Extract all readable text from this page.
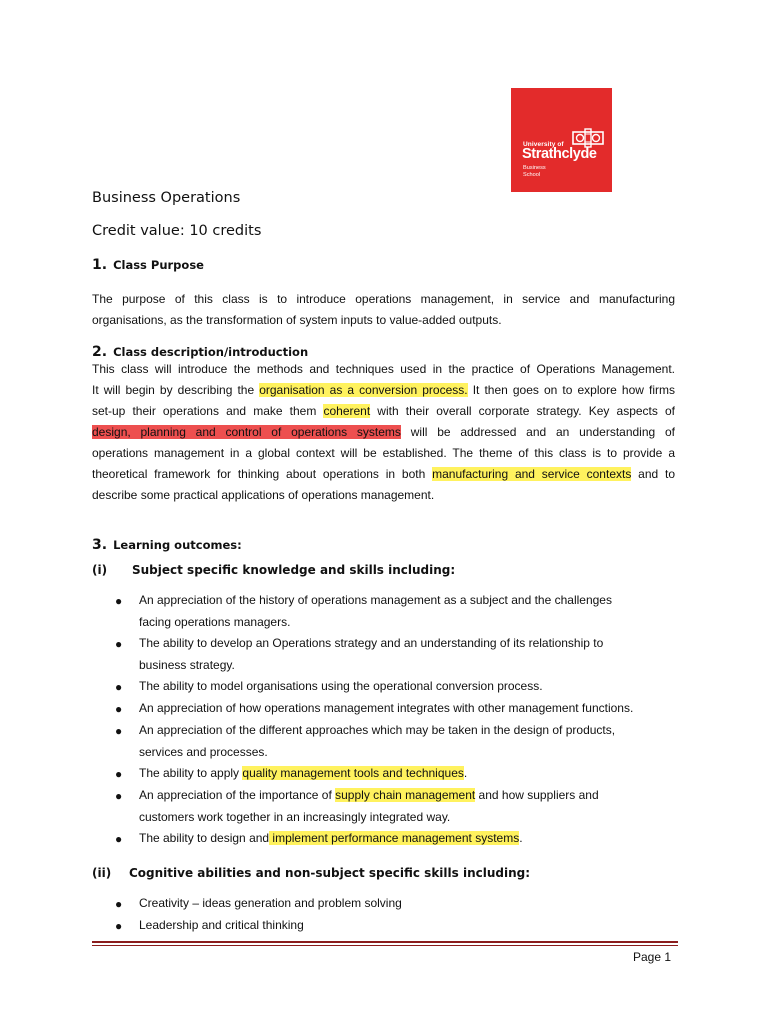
University of
Strathclyde
Business
School
Business Operations
Credit value: 10 credits
1. Class Purpose
The purpose of this class is to introduce operations management, in service and manufacturing
organisations, as the transformation of system inputs to value-added outputs.
2. Class description/introduction
This class will introduce the methods and techniques used in the practice of Operations Management.
It will begin by describing the organisation as a conversion process. It then goes on to explore how firms
set-up their operations and make them coherent with their overall corporate strategy. Key aspects of
design, planning and control of operations systems will be addressed and an understanding of
operations management in a global context will be established. The theme of this class is to provide a
theoretical framework for thinking about operations in both manufacturing and service contexts and to
describe some practical applications of operations management.
3. Learning outcomes:
(i) Subject specific knowledge and skills including:
● An appreciation of the history of operations management as a subject and the challenges
facing operations managers.
● The ability to develop an Operations strategy and an understanding of its relationship to
business strategy.
● The ability to model organisations using the operational conversion process.
● An appreciation of how operations management integrates with other management functions.
● An appreciation of the different approaches which may be taken in the design of products,
services and processes.
● The ability to apply quality management tools and techniques.
● An appreciation of the importance of supply chain management and how suppliers and
customers work together in an increasingly integrated way.
● The ability to design and implement performance management systems.
(ii) Cognitive abilities and non-subject specific skills including:
● Creativity – ideas generation and problem solving
● Leadership and critical thinking
Page 1
